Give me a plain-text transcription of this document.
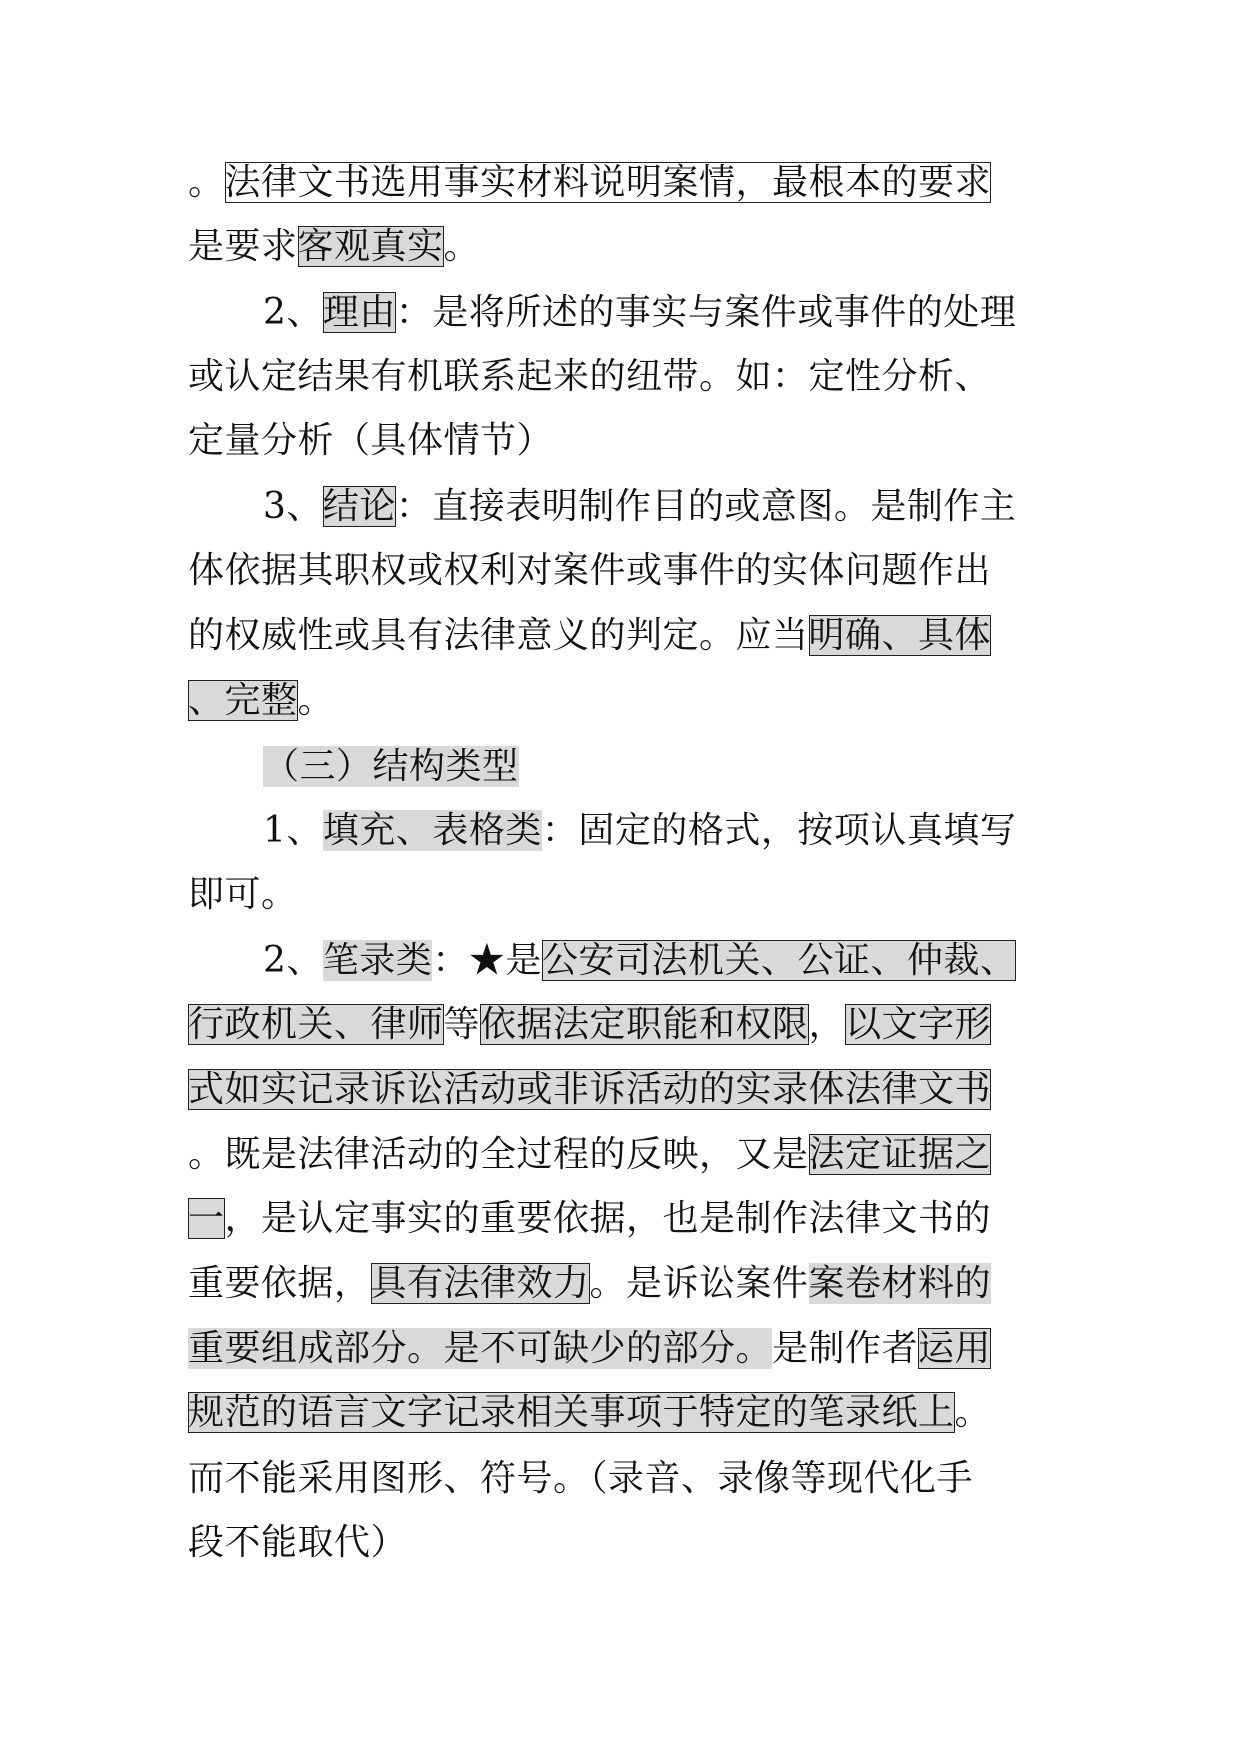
。法律文书选用事实材料说明案情，最根本的要求
是要求客观真实。
2、理由：是将所述的事实与案件或事件的处理
或认定结果有机联系起来的纽带。如：定性分析、
定量分析（具体情节）
3、结论：直接表明制作目的或意图。是制作主
体依据其职权或权利对案件或事件的实体问题作出
的权威性或具有法律意义的判定。应当明确、具体
、完整。
（三）结构类型
1、填充、表格类：固定的格式，按项认真填写
即可。
2、笔录类：★是公安司法机关、公证、仲裁、
行政机关、律师等依据法定职能和权限，以文字形
式如实记录诉讼活动或非诉活动的实录体法律文书
。既是法律活动的全过程的反映，又是法定证据之
一，是认定事实的重要依据，也是制作法律文书的
重要依据，具有法律效力。是诉讼案件案卷材料的
重要组成部分。是不可缺少的部分。是制作者运用
规范的语言文字记录相关事项于特定的笔录纸上。
而不能采用图形、符号。（录音、录像等现代化手
段不能取代）
